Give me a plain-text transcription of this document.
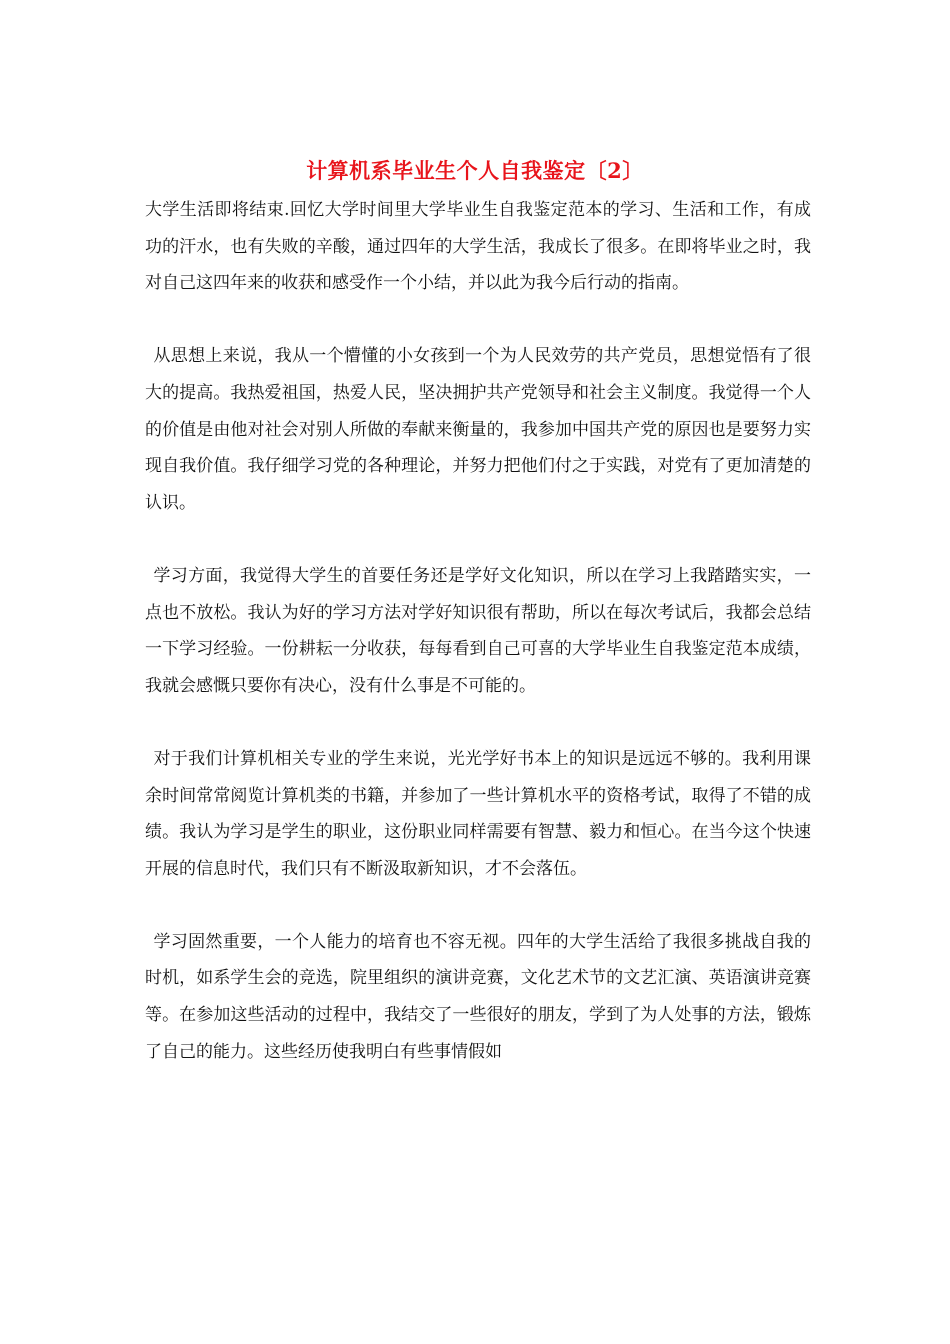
计算机系毕业生个人自我鉴定〔2〕

大学生活即将结束.回忆大学时间里大学毕业生自我鉴定范本的学习、生活和工作，有成功的汗水，也有失败的辛酸，通过四年的大学生活，我成长了很多。在即将毕业之时，我对自己这四年来的收获和感受作一个小结，并以此为我今后行动的指南。

从思想上来说，我从一个懵懂的小女孩到一个为人民效劳的共产党员，思想觉悟有了很大的提高。我热爱祖国，热爱人民，坚决拥护共产党领导和社会主义制度。我觉得一个人的价值是由他对社会对别人所做的奉献来衡量的，我参加中国共产党的原因也是要努力实现自我价值。我仔细学习党的各种理论，并努力把他们付之于实践，对党有了更加清楚的认识。

学习方面，我觉得大学生的首要任务还是学好文化知识，所以在学习上我踏踏实实，一点也不放松。我认为好的学习方法对学好知识很有帮助，所以在每次考试后，我都会总结一下学习经验。一份耕耘一分收获，每每看到自己可喜的大学毕业生自我鉴定范本成绩，我就会感慨只要你有决心，没有什么事是不可能的。

对于我们计算机相关专业的学生来说，光光学好书本上的知识是远远不够的。我利用课余时间常常阅览计算机类的书籍，并参加了一些计算机水平的资格考试，取得了不错的成绩。我认为学习是学生的职业，这份职业同样需要有智慧、毅力和恒心。在当今这个快速开展的信息时代，我们只有不断汲取新知识，才不会落伍。

学习固然重要，一个人能力的培育也不容无视。四年的大学生活给了我很多挑战自我的时机，如系学生会的竞选，院里组织的演讲竞赛，文化艺术节的文艺汇演、英语演讲竞赛等。在参加这些活动的过程中，我结交了一些很好的朋友，学到了为人处事的方法，锻炼了自己的能力。这些经历使我明白有些事情假如
